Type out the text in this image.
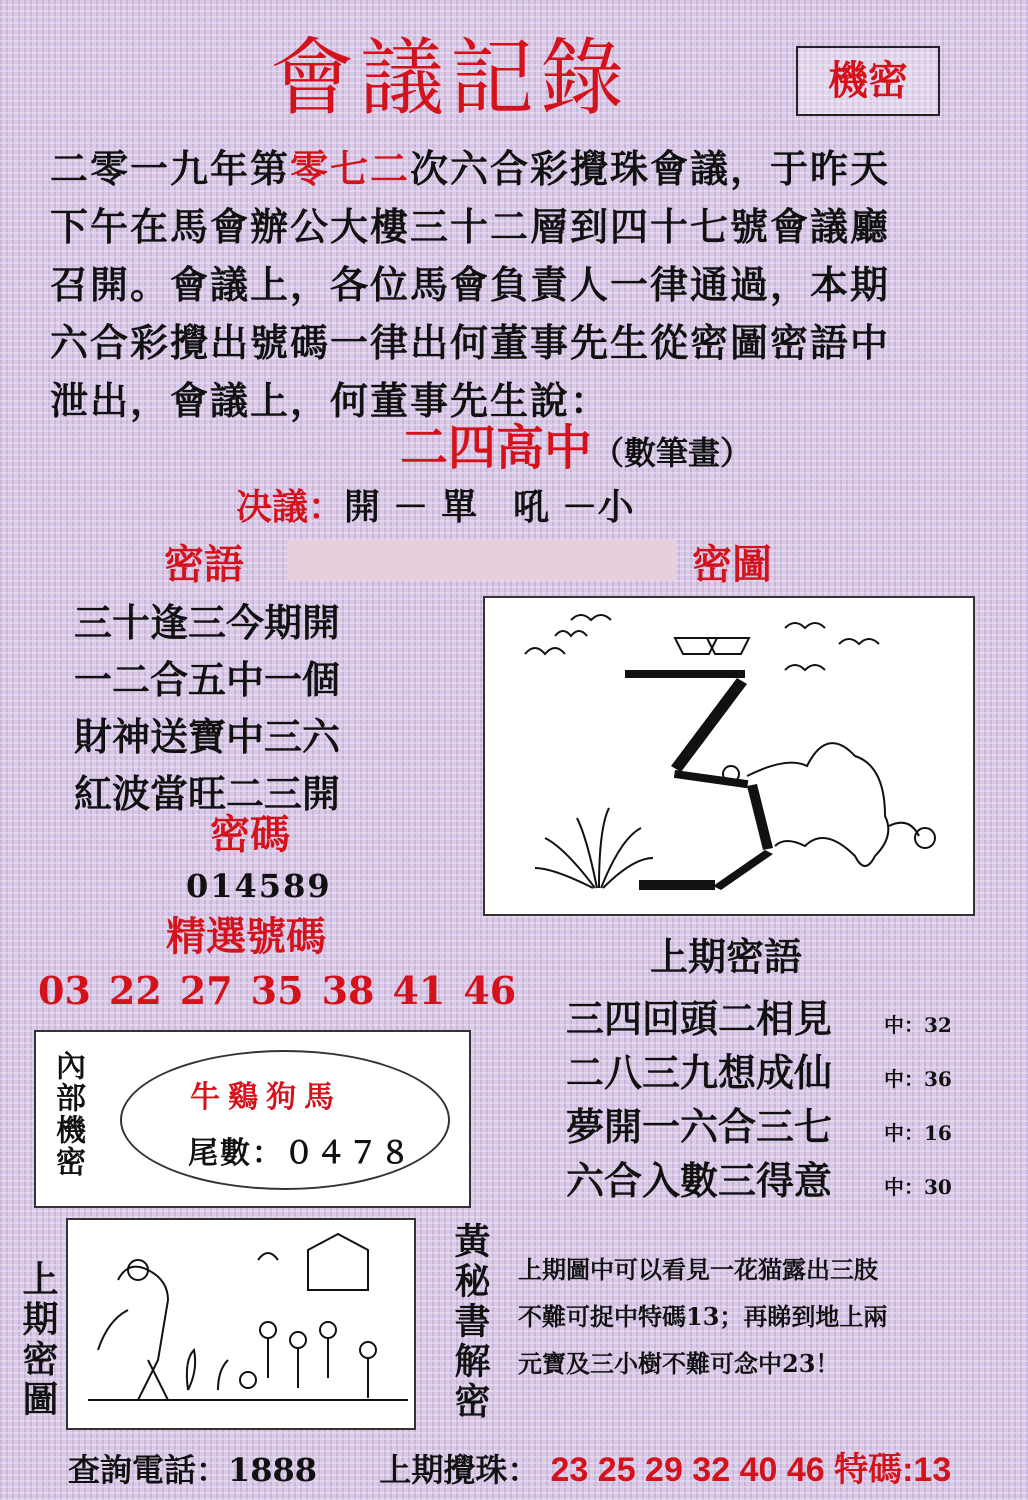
會議記錄	機密
二零一九年第零七二次六合彩攪珠會議，于昨天
下午在馬會辦公大樓三十二層到四十七號會議廳
召開。會議上，各位馬會負責人一律通過，本期
六合彩攪出號碼一律出何董事先生從密圖密語中
泄出，會議上，何董事先生說：
二四高中（數筆畫）
决議：開 － 單　吼 －小
密語	密圖
三十逢三今期開
一二合五中一個
財神送寶中三六
紅波當旺二三開
密碼
014589
精選號碼
03 22 27 35 38 41 46
上期密語
三四回頭二相見	中：32
二八三九想成仙	中：36
夢開一六合三七	中：16
六合入數三得意	中：30
內部機密	牛鷄狗馬
尾數：０４７８
上期密圖	黃秘書解密 上期圖中可以看見一花猫露出三肢
不難可捉中特碼13；再睇到地上兩
元寶及三小樹不難可念中23！
查詢電話：1888 上期攪珠： 23 25 29 32 40 46 特碼:13
